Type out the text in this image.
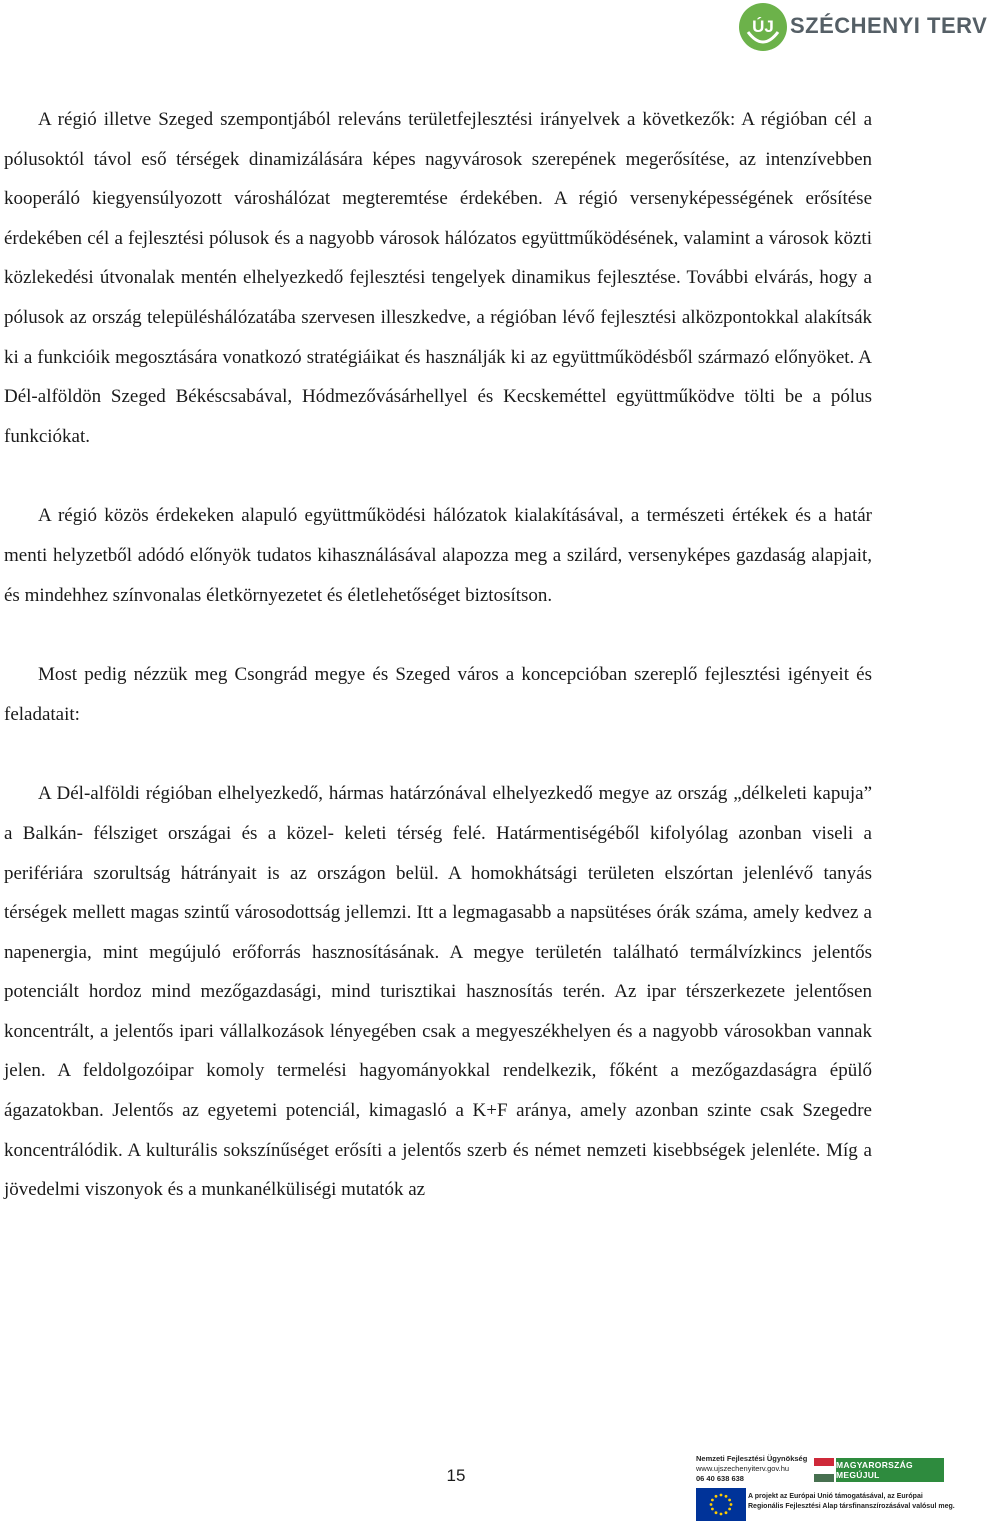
ÚJ SZÉCHENYI TERV

A régió illetve Szeged szempontjából releváns területfejlesztési irányelvek a következők: A régióban cél a pólusoktól távol eső térségek dinamizálására képes nagyvárosok szerepének megerősítése, az intenzívebben kooperáló kiegyensúlyozott városhálózat megteremtése érdekében. A régió versenyképességének erősítése érdekében cél a fejlesztési pólusok és a nagyobb városok hálózatos együttműködésének, valamint a városok közti közlekedési útvonalak mentén elhelyezkedő fejlesztési tengelyek dinamikus fejlesztése. További elvárás, hogy a pólusok az ország településhálózatába szervesen illeszkedve, a régióban lévő fejlesztési alközpontokkal alakítsák ki a funkcióik megosztására vonatkozó stratégiáikat és használják ki az együttműködésből származó előnyöket. A Dél-alföldön Szeged Békéscsabával, Hódmezővásárhellyel és Kecskeméttel együttműködve tölti be a pólus funkciókat.

A régió közös érdekeken alapuló együttműködési hálózatok kialakításával, a természeti értékek és a határ menti helyzetből adódó előnyök tudatos kihasználásával alapozza meg a szilárd, versenyképes gazdaság alapjait, és mindehhez színvonalas életkörnyezetet és életlehetőséget biztosítson.

Most pedig nézzük meg Csongrád megye és Szeged város a koncepcióban szereplő fejlesztési igényeit és feladatait:

A Dél-alföldi régióban elhelyezkedő, hármas határzónával elhelyezkedő megye az ország „délkeleti kapuja” a Balkán- félsziget országai és a közel- keleti térség felé. Határmentiségéből kifolyólag azonban viseli a perifériára szorultság hátrányait is az országon belül. A homokhátsági területen elszórtan jelenlévő tanyás térségek mellett magas szintű városodottság jellemzi. Itt a legmagasabb a napsütéses órák száma, amely kedvez a napenergia, mint megújuló erőforrás hasznosításának. A megye területén található termálvízkincs jelentős potenciált hordoz mind mezőgazdasági, mind turisztikai hasznosítás terén. Az ipar térszerkezete jelentősen koncentrált, a jelentős ipari vállalkozások lényegében csak a megyeszékhelyen és a nagyobb városokban vannak jelen. A feldolgozóipar komoly termelési hagyományokkal rendelkezik, főként a mezőgazdaságra épülő ágazatokban. Jelentős az egyetemi potenciál, kimagasló a K+F aránya, amely azonban szinte csak Szegedre koncentrálódik. A kulturális sokszínűséget erősíti a jelentős szerb és német nemzeti kisebbségek jelenléte. Míg a jövedelmi viszonyok és a munkanélküliségi mutatók az

15
Nemzeti Fejlesztési Ügynökség
www.ujszechenyiterv.gov.hu
06 40 638 638
MAGYARORSZÁG MEGÚJUL
A projekt az Európai Unió támogatásával, az Európai
Regionális Fejlesztési Alap társfinanszírozásával valósul meg.
